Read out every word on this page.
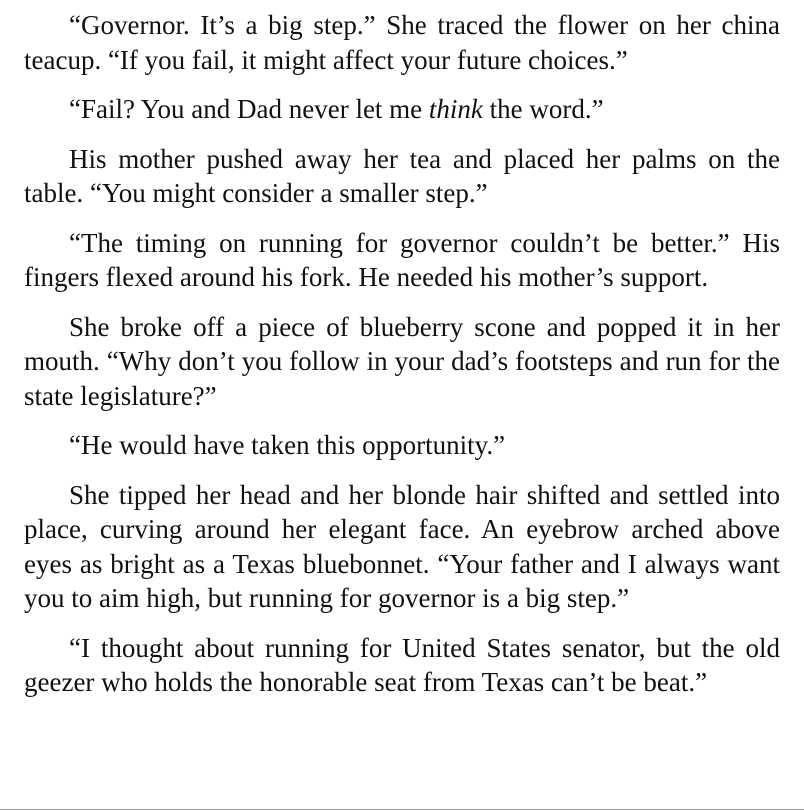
“Governor. It’s a big step.” She traced the flower on her china teacup. “If you fail, it might affect your future choices.”

“Fail? You and Dad never let me think the word.”

His mother pushed away her tea and placed her palms on the table. “You might consider a smaller step.”

“The timing on running for governor couldn’t be better.” His fingers flexed around his fork. He needed his mother’s support.

She broke off a piece of blueberry scone and popped it in her mouth. “Why don’t you follow in your dad’s footsteps and run for the state legislature?”

“He would have taken this opportunity.”

She tipped her head and her blonde hair shifted and settled into place, curving around her elegant face. An eyebrow arched above eyes as bright as a Texas bluebonnet. “Your father and I always want you to aim high, but running for governor is a big step.”

“I thought about running for United States senator, but the old geezer who holds the honorable seat from Texas can’t be beat.”
